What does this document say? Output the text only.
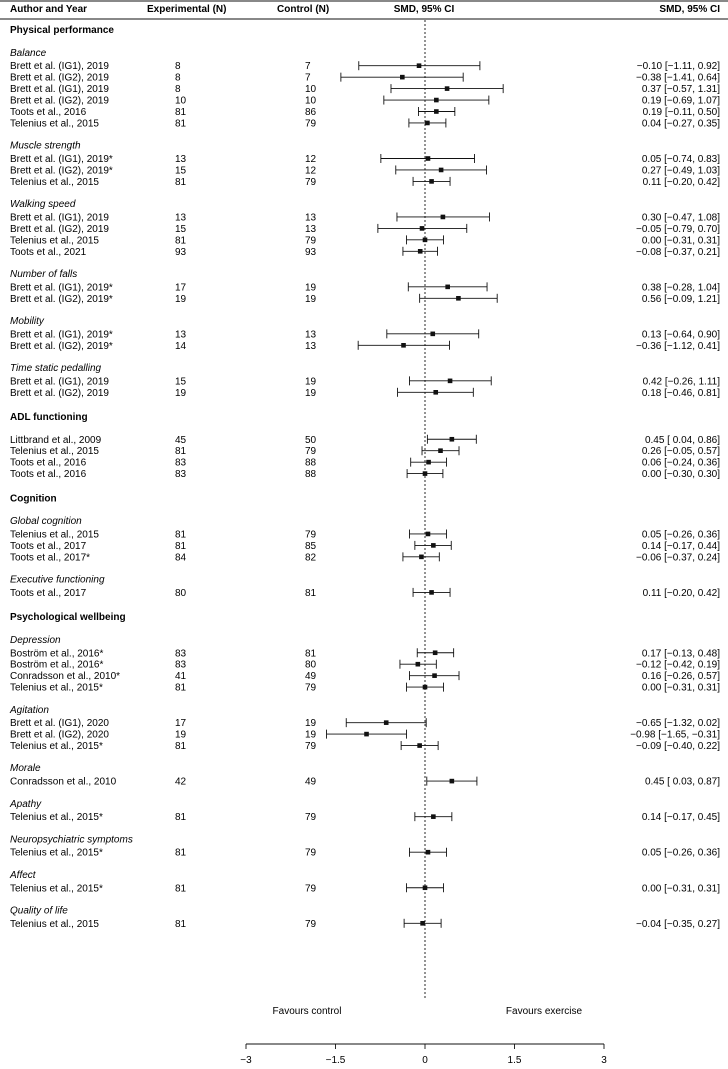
Author and Year	Experimental (N)	Control (N)	SMD, 95% CI	SMD, 95% CI
Physical performance
Balance
Brett et al. (IG1), 2019	8	7	−0.10 [−1.11, 0.92]
Brett et al. (IG2), 2019	8	7	−0.38 [−1.41, 0.64]
Brett et al. (IG1), 2019	8	10	0.37 [−0.57, 1.31]
Brett et al. (IG2), 2019	10	10	0.19 [−0.69, 1.07]
Toots et al., 2016	81	86	0.19 [−0.11, 0.50]
Telenius et al., 2015	81	79	0.04 [−0.27, 0.35]
Muscle strength
Brett et al. (IG1), 2019*	13	12	0.05 [−0.74, 0.83]
Brett et al. (IG2), 2019*	15	12	0.27 [−0.49, 1.03]
Telenius et al., 2015	81	79	0.11 [−0.20, 0.42]
Walking speed
Brett et al. (IG1), 2019	13	13	0.30 [−0.47, 1.08]
Brett et al. (IG2), 2019	15	13	−0.05 [−0.79, 0.70]
Telenius et al., 2015	81	79	0.00 [−0.31, 0.31]
Toots et al., 2021	93	93	−0.08 [−0.37, 0.21]
Number of falls
Brett et al. (IG1), 2019*	17	19	0.38 [−0.28, 1.04]
Brett et al. (IG2), 2019*	19	19	0.56 [−0.09, 1.21]
Mobility
Brett et al. (IG1), 2019*	13	13	0.13 [−0.64, 0.90]
Brett et al. (IG2), 2019*	14	13	−0.36 [−1.12, 0.41]
Time static pedalling
Brett et al. (IG1), 2019	15	19	0.42 [−0.26, 1.11]
Brett et al. (IG2), 2019	19	19	0.18 [−0.46, 0.81]
ADL functioning
Littbrand et al., 2009	45	50	0.45 [ 0.04, 0.86]
Telenius et al., 2015	81	79	0.26 [−0.05, 0.57]
Toots et al., 2016	83	88	0.06 [−0.24, 0.36]
Toots et al., 2016	83	88	0.00 [−0.30, 0.30]
Cognition
Global cognition
Telenius et al., 2015	81	79	0.05 [−0.26, 0.36]
Toots et al., 2017	81	85	0.14 [−0.17, 0.44]
Toots et al., 2017*	84	82	−0.06 [−0.37, 0.24]
Executive functioning
Toots et al., 2017	80	81	0.11 [−0.20, 0.42]
Psychological wellbeing
Depression
Boström et al., 2016*	83	81	0.17 [−0.13, 0.48]
Boström et al., 2016*	83	80	−0.12 [−0.42, 0.19]
Conradsson et al., 2010*	41	49	0.16 [−0.26, 0.57]
Telenius et al., 2015*	81	79	0.00 [−0.31, 0.31]
Agitation
Brett et al. (IG1), 2020	17	19	−0.65 [−1.32, 0.02]
Brett et al. (IG2), 2020	19	19	−0.98 [−1.65, −0.31]
Telenius et al., 2015*	81	79	−0.09 [−0.40, 0.22]
Morale
Conradsson et al., 2010	42	49	0.45 [ 0.03, 0.87]
Apathy
Telenius et al., 2015*	81	79	0.14 [−0.17, 0.45]
Neuropsychiatric symptoms
Telenius et al., 2015*	81	79	0.05 [−0.26, 0.36]
Affect
Telenius et al., 2015*	81	79	0.00 [−0.31, 0.31]
Quality of life
Telenius et al., 2015	81	79	−0.04 [−0.35, 0.27]
Favours control	Favours exercise
−3	−1.5	0	1.5	3
